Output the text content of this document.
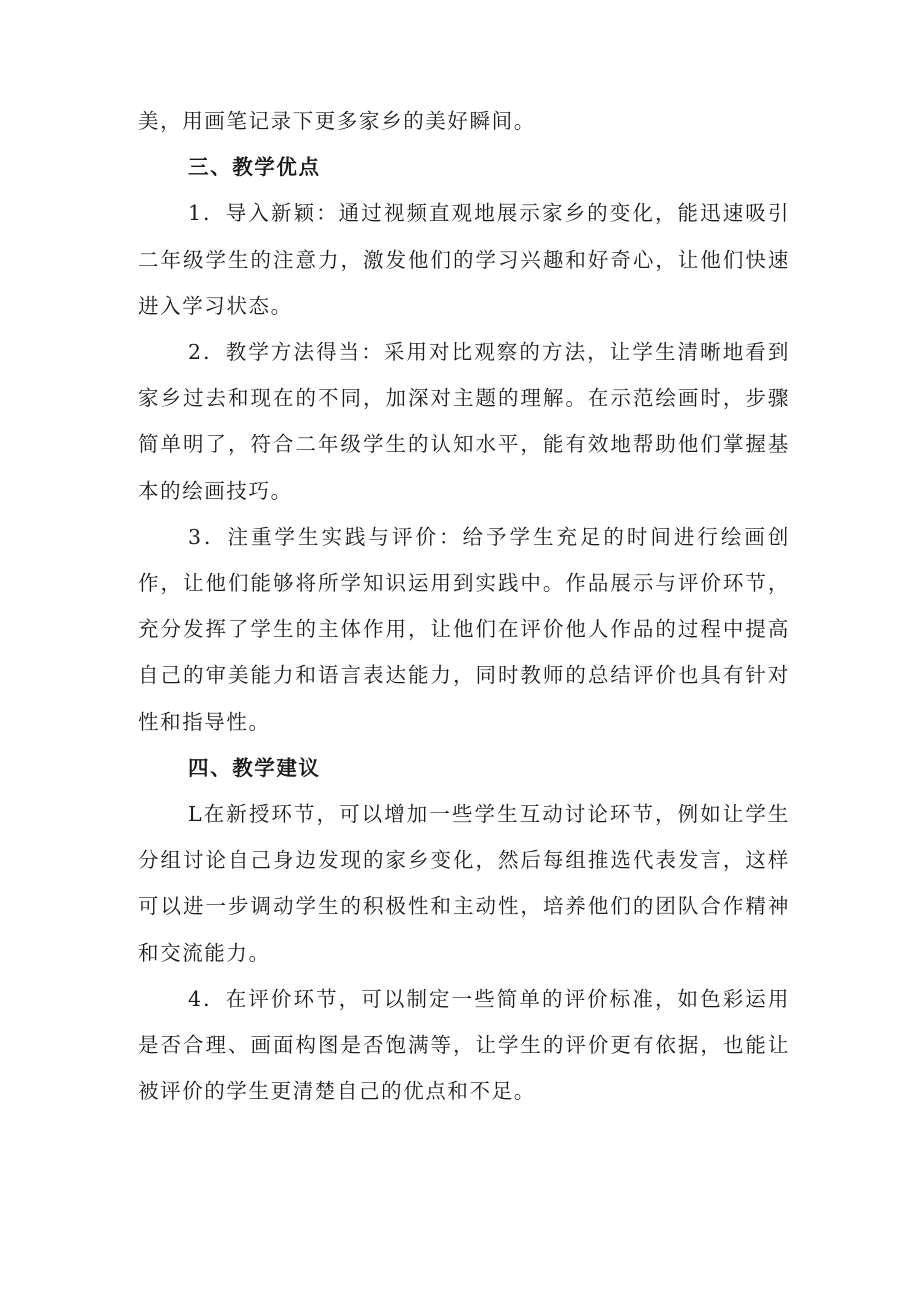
美，用画笔记录下更多家乡的美好瞬间。

三、教学优点

1．导入新颖：通过视频直观地展示家乡的变化，能迅速吸引二年级学生的注意力，激发他们的学习兴趣和好奇心，让他们快速进入学习状态。

2．教学方法得当：采用对比观察的方法，让学生清晰地看到家乡过去和现在的不同，加深对主题的理解。在示范绘画时，步骤简单明了，符合二年级学生的认知水平，能有效地帮助他们掌握基本的绘画技巧。

3．注重学生实践与评价：给予学生充足的时间进行绘画创作，让他们能够将所学知识运用到实践中。作品展示与评价环节，充分发挥了学生的主体作用，让他们在评价他人作品的过程中提高自己的审美能力和语言表达能力，同时教师的总结评价也具有针对性和指导性。

四、教学建议

L在新授环节，可以增加一些学生互动讨论环节，例如让学生分组讨论自己身边发现的家乡变化，然后每组推选代表发言，这样可以进一步调动学生的积极性和主动性，培养他们的团队合作精神和交流能力。

4．在评价环节，可以制定一些简单的评价标准，如色彩运用是否合理、画面构图是否饱满等，让学生的评价更有依据，也能让被评价的学生更清楚自己的优点和不足。
